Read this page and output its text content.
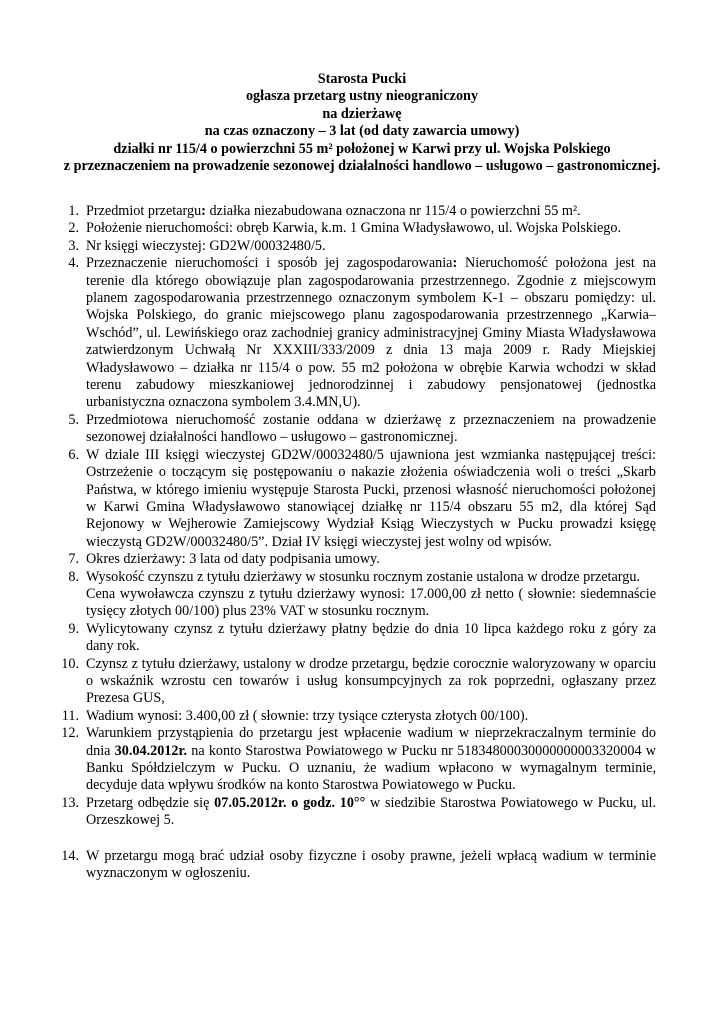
Starosta Pucki
ogłasza przetarg ustny nieograniczony
na dzierżawę
na czas oznaczony – 3 lat (od daty zawarcia umowy)
działki nr 115/4 o powierzchni 55 m² położonej w Karwi przy ul. Wojska Polskiego
z przeznaczeniem na prowadzenie sezonowej działalności handlowo – usługowo – gastronomicznej.
1. Przedmiot przetargu: działka niezabudowana oznaczona nr 115/4 o powierzchni 55 m².
2. Położenie nieruchomości: obręb Karwia, k.m. 1 Gmina Władysławowo, ul. Wojska Polskiego.
3. Nr księgi wieczystej: GD2W/00032480/5.
4. Przeznaczenie nieruchomości i sposób jej zagospodarowania: Nieruchomość położona jest na terenie dla którego obowiązuje plan zagospodarowania przestrzennego. Zgodnie z miejscowym planem zagospodarowania przestrzennego oznaczonym symbolem K-1 – obszaru pomiędzy: ul. Wojska Polskiego, do granic miejscowego planu zagospodarowania przestrzennego „Karwia–Wschód”, ul. Lewińskiego oraz zachodniej granicy administracyjnej Gminy Miasta Władysławowa zatwierdzonym Uchwałą Nr XXXIII/333/2009 z dnia 13 maja 2009 r. Rady Miejskiej Władysławowo – działka nr 115/4 o pow. 55 m2 położona w obrębie Karwia wchodzi w skład terenu zabudowy mieszkaniowej jednorodzinnej i zabudowy pensjonatowej (jednostka urbanistyczna oznaczona symbolem 3.4.MN,U).
5. Przedmiotowa nieruchomość zostanie oddana w dzierżawę z przeznaczeniem na prowadzenie sezonowej działalności handlowo – usługowo – gastronomicznej.
6. W dziale III księgi wieczystej GD2W/00032480/5 ujawniona jest wzmianka następującej treści: Ostrzeżenie o toczącym się postępowaniu o nakazie złożenia oświadczenia woli o treści „Skarb Państwa, w którego imieniu występuje Starosta Pucki, przenosi własność nieruchomości położonej w Karwi Gmina Władysławowo stanowiącej działkę nr 115/4 obszaru 55 m2, dla której Sąd Rejonowy w Wejherowie Zamiejscowy Wydział Ksiąg Wieczystych w Pucku prowadzi księgę wieczystą GD2W/00032480/5”. Dział IV księgi wieczystej jest wolny od wpisów.
7. Okres dzierżawy: 3 lata od daty podpisania umowy.
8. Wysokość czynszu z tytułu dzierżawy w stosunku rocznym zostanie ustalona w drodze przetargu.
Cena wywoławcza czynszu z tytułu dzierżawy wynosi: 17.000,00 zł netto ( słownie: siedemnaście tysięcy złotych 00/100) plus 23% VAT w stosunku rocznym.
9. Wylicytowany czynsz z tytułu dzierżawy płatny będzie do dnia 10 lipca każdego roku z góry za dany rok.
10. Czynsz z tytułu dzierżawy, ustalony w drodze przetargu, będzie corocznie waloryzowany w oparciu o wskaźnik wzrostu cen towarów i usług konsumpcyjnych za rok poprzedni, ogłaszany przez Prezesa GUS,
11. Wadium wynosi: 3.400,00 zł ( słownie: trzy tysiące czterysta złotych 00/100).
12. Warunkiem przystąpienia do przetargu jest wpłacenie wadium w nieprzekraczalnym terminie do dnia 30.04.2012r. na konto Starostwa Powiatowego w Pucku nr 51834800030000000003320004 w Banku Spółdzielczym w Pucku. O uznaniu, że wadium wpłacono w wymagalnym terminie, decyduje data wpływu środków na konto Starostwa Powiatowego w Pucku.
13. Przetarg odbędzie się 07.05.2012r. o godz. 10°° w siedzibie Starostwa Powiatowego w Pucku, ul. Orzeszkowej 5.
14. W przetargu mogą brać udział osoby fizyczne i osoby prawne, jeżeli wpłacą wadium w terminie wyznaczonym w ogłoszeniu.
